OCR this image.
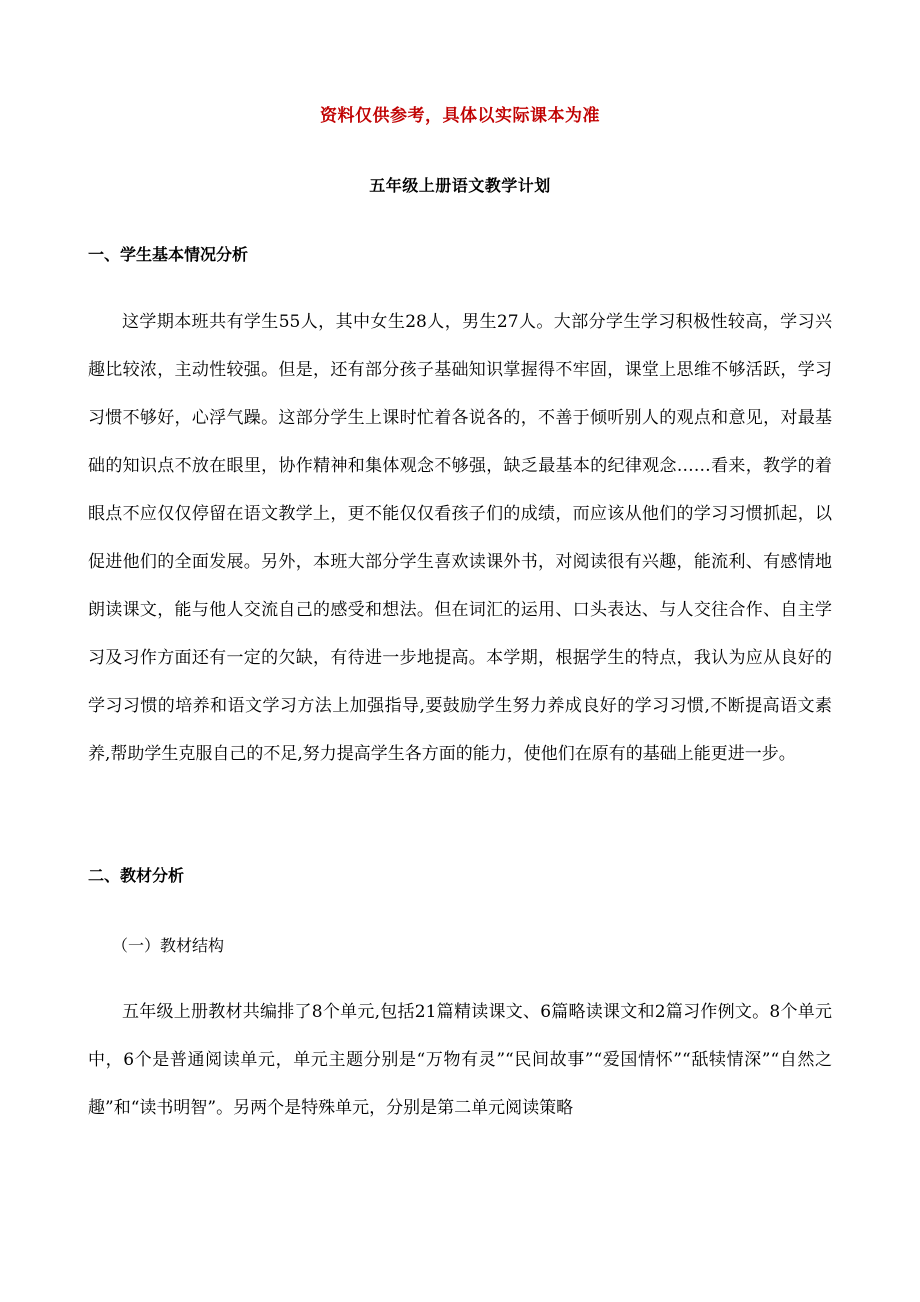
资料仅供参考，具体以实际课本为准
五年级上册语文教学计划
一、学生基本情况分析

这学期本班共有学生55人，其中女生28人，男生27人。大部分学生学习积极性较高，学习兴趣比较浓，主动性较强。但是，还有部分孩子基础知识掌握得不牢固，课堂上思维不够活跃，学习习惯不够好，心浮气躁。这部分学生上课时忙着各说各的，不善于倾听别人的观点和意见，对最基础的知识点不放在眼里，协作精神和集体观念不够强，缺乏最基本的纪律观念……看来，教学的着眼点不应仅仅停留在语文教学上，更不能仅仅看孩子们的成绩，而应该从他们的学习习惯抓起，以促进他们的全面发展。另外，本班大部分学生喜欢读课外书，对阅读很有兴趣，能流利、有感情地朗读课文，能与他人交流自己的感受和想法。但在词汇的运用、口头表达、与人交往合作、自主学习及习作方面还有一定的欠缺，有待进一步地提高。本学期，根据学生的特点，我认为应从良好的学习习惯的培养和语文学习方法上加强指导,要鼓励学生努力养成良好的学习习惯,不断提高语文素养,帮助学生克服自己的不足,努力提高学生各方面的能力，使他们在原有的基础上能更进一步。

二、教材分析
（一）教材结构

五年级上册教材共编排了8个单元,包括21篇精读课文、6篇略读课文和2篇习作例文。8个单元中，6个是普通阅读单元，单元主题分别是“万物有灵”“民间故事”“爱国情怀”“舐犊情深”“自然之趣”和“读书明智”。另两个是特殊单元，分别是第二单元阅读策略
